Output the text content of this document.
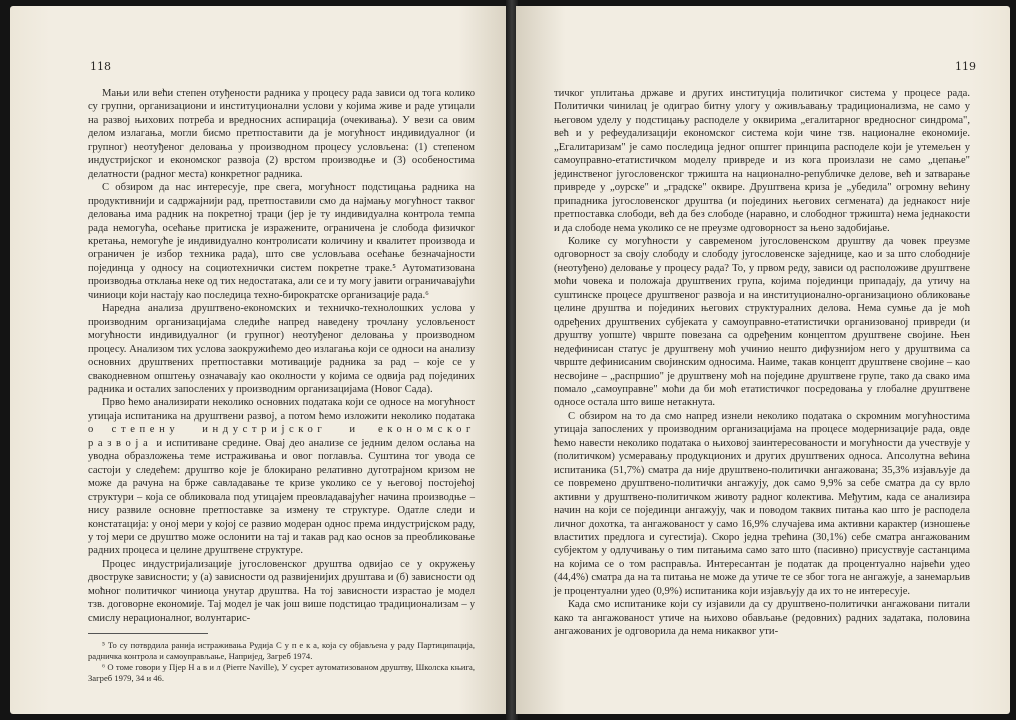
118

Мањи или већи степен отуђености радника у процесу рада зависи од тога колико су групни, организациони и институционални услови у којима живе и раде утицали на развој њихових потреба и вредносних аспирација (очекивања). У вези са овим делом излагања, могли бисмо претпоставити да је могућност индивидуалног (и групног) неотуђеног деловања у производном процесу условљена: (1) степеном индустријског и економског развоја (2) врстом производње и (3) особеностима делатности (радног места) конкретног радника.

С обзиром да нас интересује, пре свега, могућност подстицања радника на продуктивнији и садржајнији рад, претпоставили смо да најмању могућност таквог деловања има радник на покретној траци (јер је ту индивидуална контрола темпа рада немогућа, осећање притиска је изражените, ограничена је слобода физичког кретања, немогуће је индивидуално контролисати количину и квалитет производа и ограничен је избор техника рада), што све условљава осећање безначајности појединца у односу на социотехнички систем покретне траке.⁵ Аутоматизована производња отклања неке од тих недостатака, али се и ту могу јавити ограничавајући чиниоци који настају као последица техно-бирократске организације рада.⁶

Наредна анализа друштвено-економских и техничко-технолошких услова у производним организацијама следиће напред наведену трочлану условљеност могућности индивидуалног (и групног) неотуђеног деловања у производном процесу. Анализом тих услова заокружићемо део излагања који се односи на анализу основних друштвених претпоставки мотивације радника за рад – које се у свакодневном општењу означавају као околности у којима се одвија рад појединих радника и осталих запослених у производним организацијама (Новог Сада).

Прво ћемо анализирати неколико основних података који се односе на могућност утицаја испитаника на друштвени развој, а потом ћемо изложити неколико података о степену индустријског и економског развоја и испитиване средине. Овај део анализе се једним делом ослања на уводна образложења теме истраживања и овог поглавља. Суштина тог увода се састоји у следећем: друштво које је блокирано релативно дуготрајном кризом не може да рачуна на брже савладавање те кризе уколико се у његовој постојећој структури – која се обликовала под утицајем преовладавајућег начина производње – нису развиле основне претпоставке за измену те структуре. Одатле следи и констатација: у оној мери у којој се развио модеран однос према индустријском раду, у тој мери се друштво може ослонити на тај и такав рад као основ за преобликовање радних процеса и целине друштвене структуре.

Процес индустријализације југословенског друштва одвијао се у окружењу двоструке зависности; у (а) зависности од развијенијих друштава и (б) зависности од моћног политичког чиниоца унутар друштва. На тој зависности израстао је модел тзв. договорне економије. Тај модел је чак још више подстицао традиционализам – у смислу нерационалног, волунтарис-

⁵ То су потврдила ранија истраживања Рудија С у п е к а, која су објављена у раду Партиципација, радничка контрола и самоуправљање, Напријед, Загреб 1974.

⁶ О томе говори у Пјер Н а в и л (Pierre Naville), У сусрет аутоматизованом друштву, Школска књига, Загреб 1979, 34 и 46.

119

тичког уплитања државе и других институција политичког система у процесе рада. Политички чинилац је одиграо битну улогу у оживљавању традиционализма, не само у његовом уделу у подстицању расподеле у оквирима „егалитарног вредносног синдрома", већ и у рефеудализацији економског система који чине тзв. националне економије. „Егалитаризам" је само последица једног општег принципа расподеле који је утемељен у самоуправно-етатистичком моделу привреде и из кога произлази не само „цепање" јединственог југословенског тржишта на национално-републичке делове, већ и затварање привреде у „оурске" и „градске" оквире. Друштвена криза је „убедила" огромну већину припадника југословенског друштва (и појединих његових сегмената) да једнакост није претпоставка слободи, већ да без слободе (наравно, и слободног тржишта) нема једнакости и да слободе нема уколико се не преузме одговорност за њено задобијање.

Колике су могућности у савременом југословенском друштву да човек преузме одговорност за своју слободу и слободу југословенске заједнице, као и за што слободније (неотуђено) деловање у процесу рада? То, у првом реду, зависи од расположиве друштвене моћи човека и положаја друштвених група, којима појединци припадају, да утичу на суштинске процесе друштвеног развоја и на институционално-организационо обликовање целине друштва и појединих његових структуралних делова. Нема сумње да је моћ одређених друштвених субјеката у самоуправно-етатистички организованој привреди (и друштву уопште) чврште повезана са одређеним концептом друштвене својине. Њен недефинисан статус је друштвену моћ учинио нешто дифузнијом него у друштвима са чврште дефинисаним својинским односима. Наиме, такав концепт друштвене својине – као несвојине – „распршио" је друштвену моћ на поједине друштвене групе, тако да свако има помало „самоуправне" моћи да би моћ етатистичког посредовања у глобалне друштвене односе остала што више нетакнута.

С обзиром на то да смо напред изнели неколико података о скромним могућностима утицаја запослених у производним организацијама на процесе модернизације рада, овде ћемо навести неколико података о њиховој заинтересованости и могућности да учествује у (политичком) усмеравању продукционих и других друштвених односа. Апсолутна већина испитаника (51,7%) сматра да није друштвено-политички ангажована; 35,3% изјављује да се повремено друштвено-политички ангажују, док само 9,9% за себе сматра да су врло активни у друштвено-политичком животу радног колектива. Међутим, када се анализира начин на који се појединци ангажују, чак и поводом таквих питања као што је расподела личног дохотка, та ангажованост у само 16,9% случајева има активни карактер (изношење властитих предлога и сугестија). Скоро једна трећина (30,1%) себе сматра ангажованим субјектом у одлучивању о тим питањима само зато што (пасивно) присуствује састанцима на којима се о том расправља. Интересантан је податак да процентуално највећи удео (44,4%) сматра да на та питања не може да утиче те се због тога не ангажује, а занемарљив је процентуални удео (0,9%) испитаника који изјављују да их то не интересује.

Када смо испитанике који су изјавили да су друштвено-политички ангажовани питали како та ангажованост утиче на њихово обављање (редовних) радних задатака, половина ангажованих је одговорила да нема никаквог ути-
